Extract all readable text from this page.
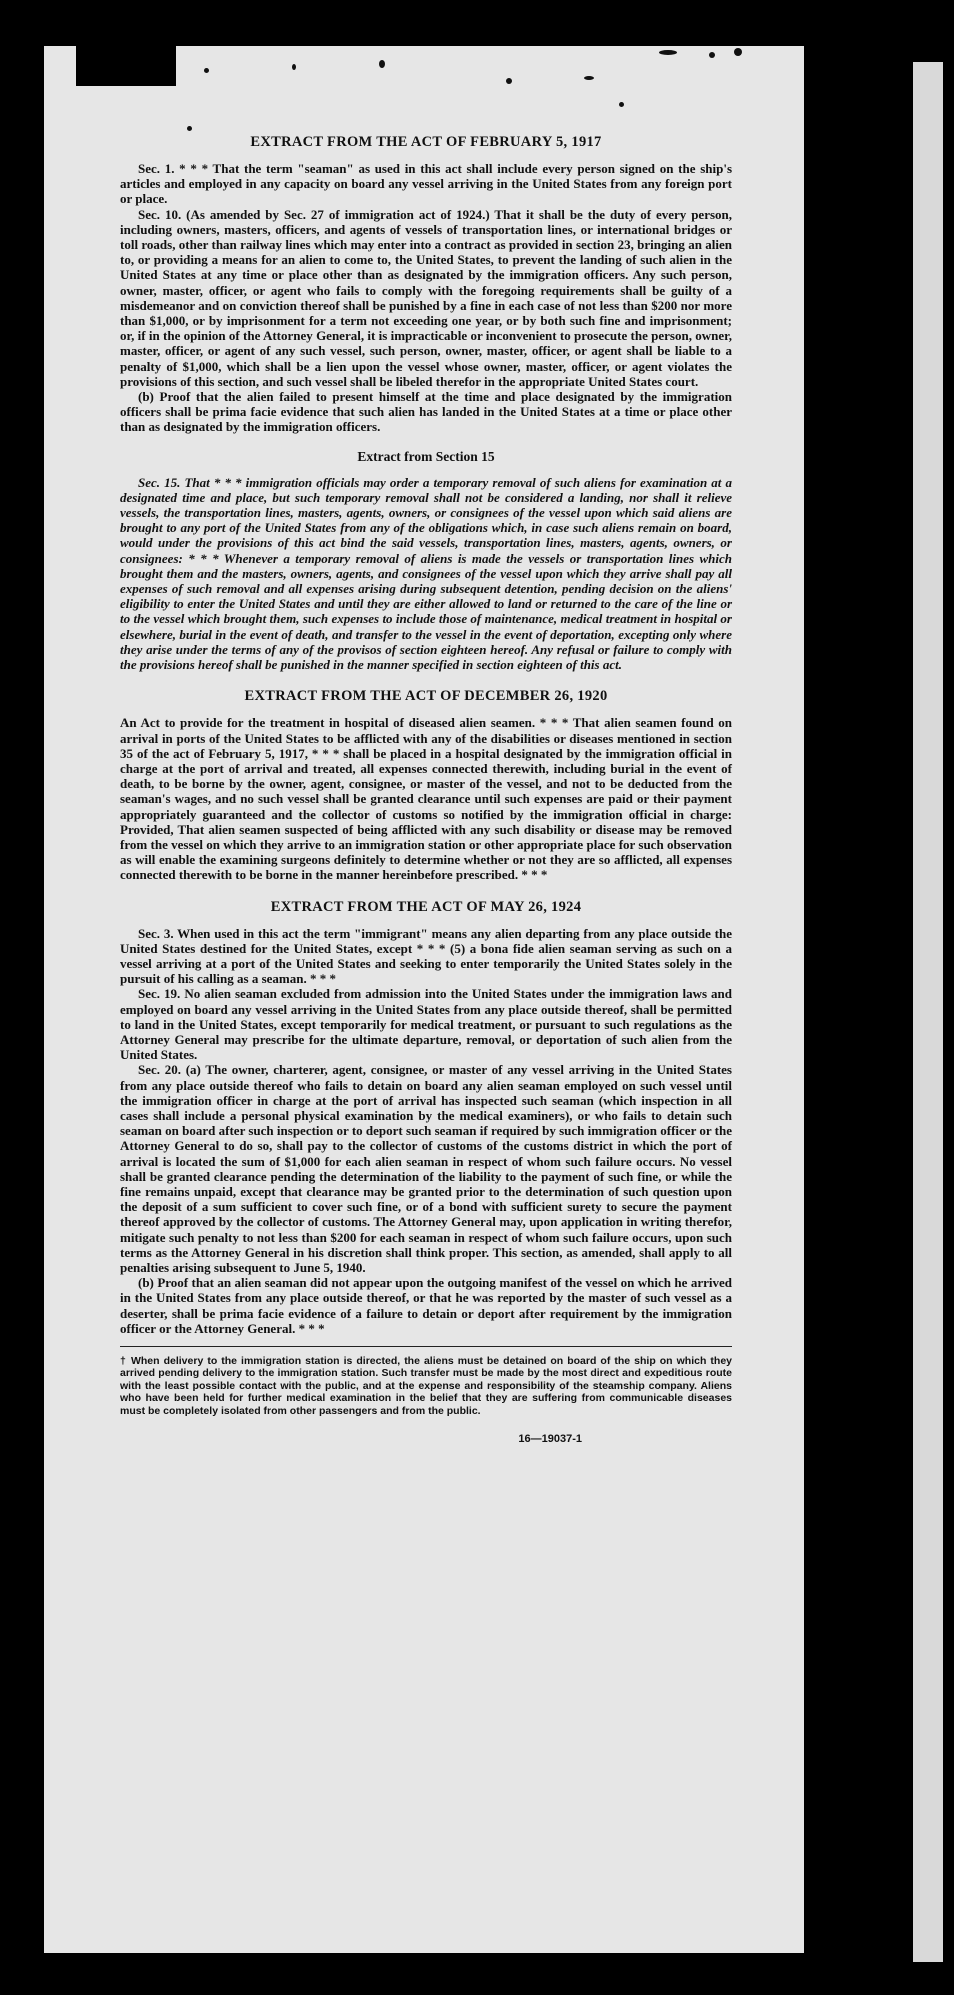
EXTRACT FROM THE ACT OF FEBRUARY 5, 1917

Sec. 1. * * * That the term "seaman" as used in this act shall include every person signed on the ship's articles and employed in any capacity on board any vessel arriving in the United States from any foreign port or place.

Sec. 10. (As amended by Sec. 27 of immigration act of 1924.) That it shall be the duty of every person, including owners, masters, officers, and agents of vessels of transportation lines, or international bridges or toll roads, other than railway lines which may enter into a contract as provided in section 23, bringing an alien to, or providing a means for an alien to come to, the United States, to prevent the landing of such alien in the United States at any time or place other than as designated by the immigration officers. Any such person, owner, master, officer, or agent who fails to comply with the foregoing requirements shall be guilty of a misdemeanor and on conviction thereof shall be punished by a fine in each case of not less than $200 nor more than $1,000, or by imprisonment for a term not exceeding one year, or by both such fine and imprisonment; or, if in the opinion of the Attorney General, it is impracticable or inconvenient to prosecute the person, owner, master, officer, or agent of any such vessel, such person, owner, master, officer, or agent shall be liable to a penalty of $1,000, which shall be a lien upon the vessel whose owner, master, officer, or agent violates the provisions of this section, and such vessel shall be libeled therefor in the appropriate United States court.

(b) Proof that the alien failed to present himself at the time and place designated by the immigration officers shall be prima facie evidence that such alien has landed in the United States at a time or place other than as designated by the immigration officers.

Extract from Section 15

Sec. 15. That * * * immigration officials may order a temporary removal of such aliens for examination at a designated time and place, but such temporary removal shall not be considered a landing, nor shall it relieve vessels, the transportation lines, masters, agents, owners, or consignees of the vessel upon which said aliens are brought to any port of the United States from any of the obligations which, in case such aliens remain on board, would under the provisions of this act bind the said vessels, transportation lines, masters, agents, owners, or consignees: * * * Whenever a temporary removal of aliens is made the vessels or transportation lines which brought them and the masters, owners, agents, and consignees of the vessel upon which they arrive shall pay all expenses of such removal and all expenses arising during subsequent detention, pending decision on the aliens' eligibility to enter the United States and until they are either allowed to land or returned to the care of the line or to the vessel which brought them, such expenses to include those of maintenance, medical treatment in hospital or elsewhere, burial in the event of death, and transfer to the vessel in the event of deportation, excepting only where they arise under the terms of any of the provisos of section eighteen hereof. Any refusal or failure to comply with the provisions hereof shall be punished in the manner specified in section eighteen of this act.

EXTRACT FROM THE ACT OF DECEMBER 26, 1920

An Act to provide for the treatment in hospital of diseased alien seamen. * * * That alien seamen found on arrival in ports of the United States to be afflicted with any of the disabilities or diseases mentioned in section 35 of the act of February 5, 1917, * * * shall be placed in a hospital designated by the immigration official in charge at the port of arrival and treated, all expenses connected therewith, including burial in the event of death, to be borne by the owner, agent, consignee, or master of the vessel, and not to be deducted from the seaman's wages, and no such vessel shall be granted clearance until such expenses are paid or their payment appropriately guaranteed and the collector of customs so notified by the immigration official in charge: Provided, That alien seamen suspected of being afflicted with any such disability or disease may be removed from the vessel on which they arrive to an immigration station or other appropriate place for such observation as will enable the examining surgeons definitely to determine whether or not they are so afflicted, all expenses connected therewith to be borne in the manner hereinbefore prescribed. * * *

EXTRACT FROM THE ACT OF MAY 26, 1924

Sec. 3. When used in this act the term "immigrant" means any alien departing from any place outside the United States destined for the United States, except * * * (5) a bona fide alien seaman serving as such on a vessel arriving at a port of the United States and seeking to enter temporarily the United States solely in the pursuit of his calling as a seaman. * * *

Sec. 19. No alien seaman excluded from admission into the United States under the immigration laws and employed on board any vessel arriving in the United States from any place outside thereof, shall be permitted to land in the United States, except temporarily for medical treatment, or pursuant to such regulations as the Attorney General may prescribe for the ultimate departure, removal, or deportation of such alien from the United States.

Sec. 20. (a) The owner, charterer, agent, consignee, or master of any vessel arriving in the United States from any place outside thereof who fails to detain on board any alien seaman employed on such vessel until the immigration officer in charge at the port of arrival has inspected such seaman (which inspection in all cases shall include a personal physical examination by the medical examiners), or who fails to detain such seaman on board after such inspection or to deport such seaman if required by such immigration officer or the Attorney General to do so, shall pay to the collector of customs of the customs district in which the port of arrival is located the sum of $1,000 for each alien seaman in respect of whom such failure occurs. No vessel shall be granted clearance pending the determination of the liability to the payment of such fine, or while the fine remains unpaid, except that clearance may be granted prior to the determination of such question upon the deposit of a sum sufficient to cover such fine, or of a bond with sufficient surety to secure the payment thereof approved by the collector of customs. The Attorney General may, upon application in writing therefor, mitigate such penalty to not less than $200 for each seaman in respect of whom such failure occurs, upon such terms as the Attorney General in his discretion shall think proper. This section, as amended, shall apply to all penalties arising subsequent to June 5, 1940.

(b) Proof that an alien seaman did not appear upon the outgoing manifest of the vessel on which he arrived in the United States from any place outside thereof, or that he was reported by the master of such vessel as a deserter, shall be prima facie evidence of a failure to detain or deport after requirement by the immigration officer or the Attorney General. * * *

† When delivery to the immigration station is directed, the aliens must be detained on board of the ship on which they arrived pending delivery to the immigration station. Such transfer must be made by the most direct and expeditious route with the least possible contact with the public, and at the expense and responsibility of the steamship company. Aliens who have been held for further medical examination in the belief that they are suffering from communicable diseases must be completely isolated from other passengers and from the public.
16—19037-1
